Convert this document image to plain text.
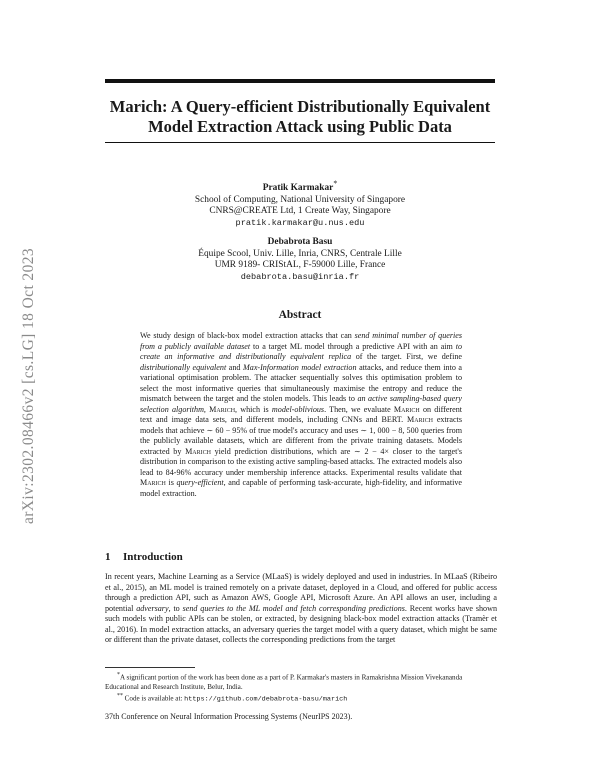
arXiv:2302.08466v2 [cs.LG] 18 Oct 2023
Marich: A Query-efficient Distributionally Equivalent
Model Extraction Attack using Public Data
Pratik Karmakar*
School of Computing, National University of Singapore
CNRS@CREATE Ltd, 1 Create Way, Singapore
pratik.karmakar@u.nus.edu
Debabrota Basu
Équipe Scool, Univ. Lille, Inria, CNRS, Centrale Lille
UMR 9189- CRIStAL, F-59000 Lille, France
debabrota.basu@inria.fr
Abstract

We study design of black-box model extraction attacks that can send minimal number of queries from a publicly available dataset to a target ML model through a predictive API with an aim to create an informative and distributionally equivalent replica of the target. First, we define distributionally equivalent and Max-Information model extraction attacks, and reduce them into a variational optimisation problem. The attacker sequentially solves this optimisation problem to select the most informative queries that simultaneously maximise the entropy and reduce the mismatch between the target and the stolen models. This leads to an active sampling-based query selection algorithm, Marich, which is model-oblivious. Then, we evaluate Marich on different text and image data sets, and different models, including CNNs and BERT. Marich extracts models that achieve ∼ 60 − 95% of true model's accuracy and uses ∼ 1, 000 − 8, 500 queries from the publicly available datasets, which are different from the private training datasets. Models extracted by Marich yield prediction distributions, which are ∼ 2 − 4× closer to the target's distribution in comparison to the existing active sampling-based attacks. The extracted models also lead to 84-96% accuracy under membership inference attacks. Experimental results validate that Marich is query-efficient, and capable of performing task-accurate, high-fidelity, and informative model extraction.

1 Introduction

In recent years, Machine Learning as a Service (MLaaS) is widely deployed and used in industries. In MLaaS (Ribeiro et al., 2015), an ML model is trained remotely on a private dataset, deployed in a Cloud, and offered for public access through a prediction API, such as Amazon AWS, Google API, Microsoft Azure. An API allows an user, including a potential adversary, to send queries to the ML model and fetch corresponding predictions. Recent works have shown such models with public APIs can be stolen, or extracted, by designing black-box model extraction attacks (Tramèr et al., 2016). In model extraction attacks, an adversary queries the target model with a query dataset, which might be same or different than the private dataset, collects the corresponding predictions from the target

*A significant portion of the work has been done as a part of P. Karmakar's masters in Ramakrishna Mission Vivekananda Educational and Research Institute, Belur, India.

** Code is available at: https://github.com/debabrota-basu/marich

37th Conference on Neural Information Processing Systems (NeurIPS 2023).
